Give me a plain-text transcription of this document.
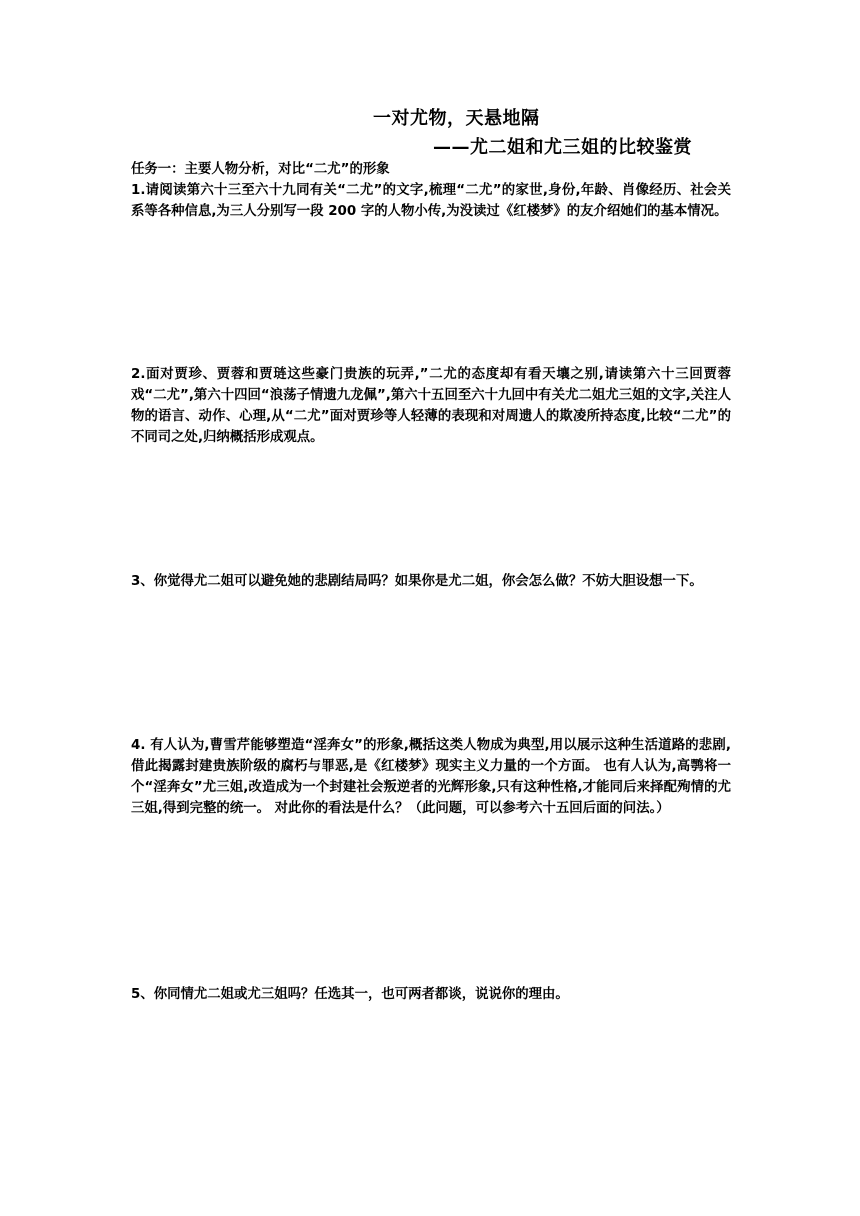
一对尤物，天悬地隔
——尤二姐和尤三姐的比较鉴赏
任务一：主要人物分析，对比“二尤”的形象
1.请阅读第六十三至六十九同有关“二尤”的文字,梳理“二尤”的家世,身份,年龄、肖像经历、社会关系等各种信息,为三人分别写一段 200 字的人物小传,为没读过《红楼梦》的友介绍她们的基本情况。
2.面对贾珍、贾蓉和贾琏这些豪门贵族的玩弄,”二尤的态度却有看天壤之别,请读第六十三回贾蓉戏“二尤”,第六十四回“浪荡子情遗九龙佩”,第六十五回至六十九回中有关尤二姐尤三姐的文字,关注人物的语言、动作、心理,从“二尤”面对贾珍等人轻薄的表现和对周遗人的欺凌所持态度,比较“二尤”的不同司之处,归纳概括形成观点。
3、你觉得尤二姐可以避免她的悲剧结局吗？如果你是尤二姐，你会怎么做？不妨大胆设想一下。
4. 有人认为,曹雪芹能够塑造“淫奔女”的形象,概括这类人物成为典型,用以展示这种生活道路的悲剧,借此揭露封建贵族阶级的腐朽与罪恶,是《红楼梦》现实主义力量的一个方面。 也有人认为,高鹗将一个“淫奔女”尤三姐,改造成为一个封建社会叛逆者的光辉形象,只有这种性格,才能同后来择配殉情的尤三姐,得到完整的统一。 对此你的看法是什么？（此问题，可以参考六十五回后面的问法。）
5、你同情尤二姐或尤三姐吗？任选其一，也可两者都谈，说说你的理由。
